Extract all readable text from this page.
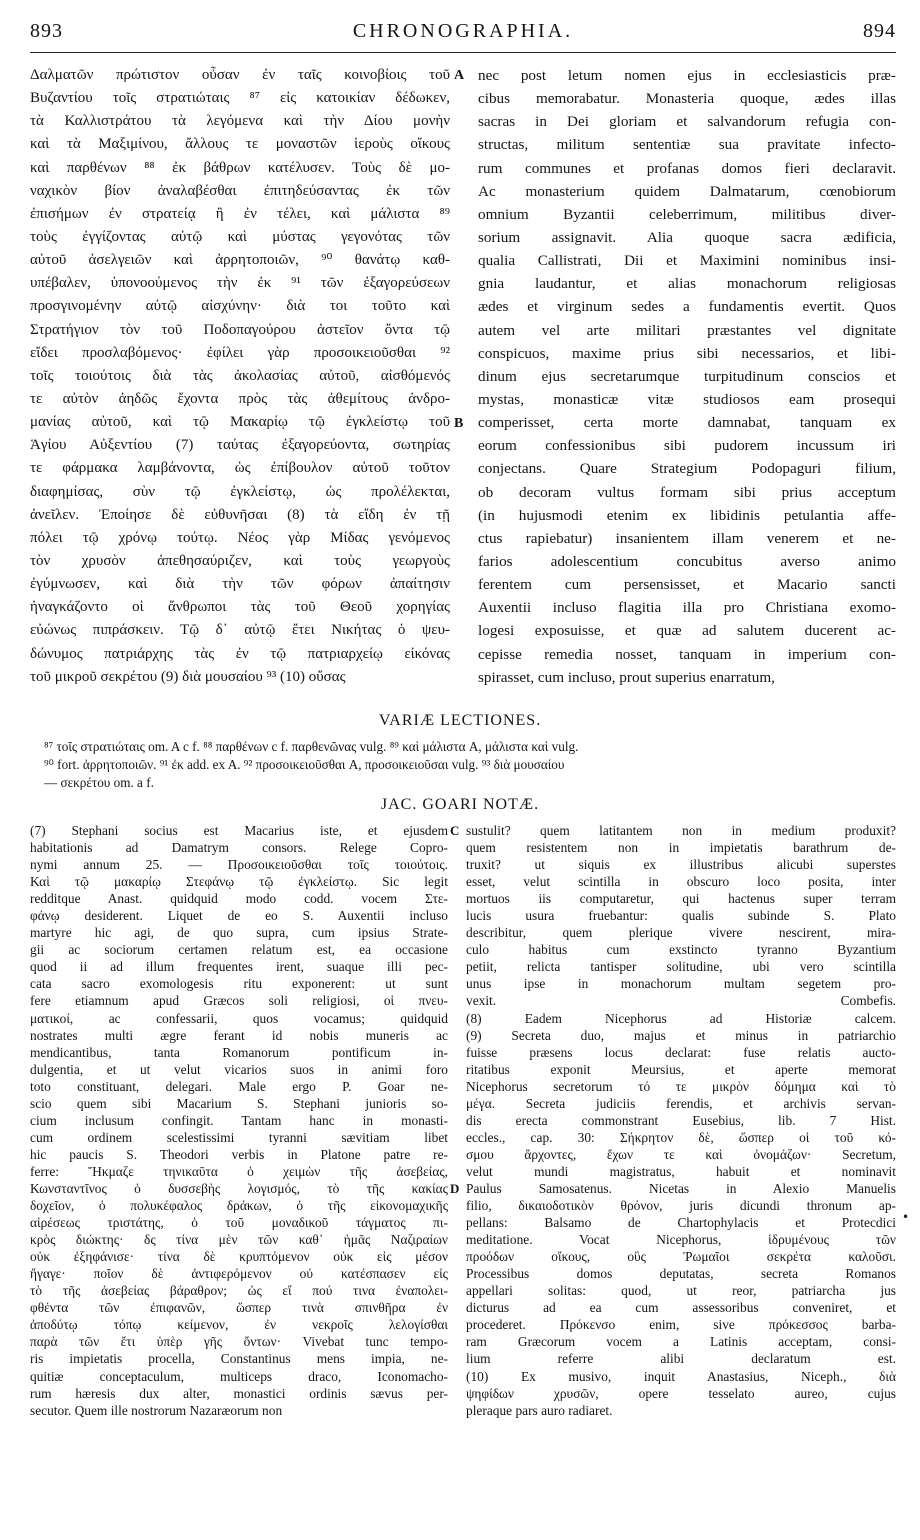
893	CHRONOGRAPHIA.	894
Δαλματῶν πρώτιστον οὖσαν ἐν ταῖς κοινοβίοις τοῦ
Βυζαντίου τοῖς στρατιώταις ⁸⁷ εἰς κατοικίαν δέδωκεν,
τὰ Καλλιστράτου τὰ λεγόμενα καὶ τὴν Δίου μονὴν
καὶ τὰ Μαξιμίνου, ἄλλους τε μοναστῶν ἱεροὺς οἴκους
καὶ παρθένων ⁸⁸ ἐκ βάθρων κατέλυσεν. Τοὺς δὲ μο-
ναχικὸν βίον ἀναλαβέσθαι ἐπιτηδεύσαντας ἐκ τῶν
ἐπισήμων ἐν στρατείᾳ ἢ ἐν τέλει, καὶ μάλιστα ⁸⁹
τοὺς ἐγγίζοντας αὐτῷ καὶ μύστας γεγονότας τῶν
αὐτοῦ ἀσελγειῶν καὶ ἀρρητοποιῶν, ⁹⁰ θανάτῳ καθ-
υπέβαλεν, ὑπονοούμενος τὴν ἐκ ⁹¹ τῶν ἐξαγορεύσεων
προσγινομένην αὐτῷ αἰσχύνην· διὰ τοι τοῦτο καὶ
Στρατήγιον τὸν τοῦ Ποδοπαγούρου ἀστεῖον ὄντα τῷ
εἴδει προσλαβόμενος· ἐφίλει γὰρ προσοικειοῦσθαι ⁹²
τοῖς τοιούτοις διὰ τὰς ἀκολασίας αὐτοῦ, αἰσθόμενός
τε αὐτὸν ἀηδῶς ἔχοντα πρὸς τὰς ἀθεμίτους ἀνδρο-
μανίας αὐτοῦ, καὶ τῷ Μακαρίῳ τῷ ἐγκλείστῳ τοῦ
Ἁγίου Αὐξεντίου (7) ταύτας ἐξαγορεύοντα, σωτηρίας
τε φάρμακα λαμβάνοντα, ὡς ἐπίβουλον αὐτοῦ τοῦτον
διαφημίσας, σὺν τῷ ἐγκλείστῳ, ὡς προλέλεκται,
ἀνεῖλεν. Ἐποίησε δὲ εὐθυνῆσαι (8) τὰ εἴδη ἐν τῇ
πόλει τῷ χρόνῳ τούτῳ. Νέος γὰρ Μίδας γενόμενος
τὸν χρυσὸν ἀπεθησαύριζεν, καὶ τοὺς γεωργοὺς
ἐγύμνωσεν, καὶ διὰ τὴν τῶν φόρων ἀπαίτησιν
ἠναγκάζοντο οἱ ἄνθρωποι τὰς τοῦ Θεοῦ χορηγίας
εὐώνως πιπράσκειν. Τῷ δ᾽ αὐτῷ ἔτει Νικήτας ὁ ψευ-
δώνυμος πατριάρχης τὰς ἐν τῷ πατριαρχείῳ εἰκόνας
τοῦ μικροῦ σεκρέτου (9) διὰ μουσαίου ⁹³ (10) οὔσας
A
B
nec post letum nomen ejus in ecclesiasticis præ-
cibus memorabatur. Monasteria quoque, ædes illas
sacras in Dei gloriam et salvandorum refugia con-
structas, militum sententiæ sua pravitate infecto-
rum communes et profanas domos fieri declaravit.
Ac monasterium quidem Dalmatarum, cœnobiorum
omnium Byzantii celeberrimum, militibus diver-
sorium assignavit. Alia quoque sacra ædificia,
qualia Callistrati, Dii et Maximini nominibus insi-
gnia laudantur, et alias monachorum religiosas
ædes et virginum sedes a fundamentis evertit. Quos
autem vel arte militari præstantes vel dignitate
conspicuos, maxime prius sibi necessarios, et libi-
dinum ejus secretarumque turpitudinum conscios et
mystas, monasticæ vitæ studiosos eam prosequi
comperisset, certa morte damnabat, tanquam ex
eorum confessionibus sibi pudorem incussum iri
conjectans. Quare Strategium Podopaguri filium,
ob decoram vultus formam sibi prius acceptum
(in hujusmodi etenim ex libidinis petulantia affe-
ctus rapiebatur) insanientem illam venerem et ne-
farios adolescentium concubitus averso animo
ferentem cum persensisset, et Macario sancti
Auxentii incluso flagitia illa pro Christiana exomo-
logesi exposuisse, et quæ ad salutem ducerent ac-
cepisse remedia nosset, tanquam in imperium con-
spirasset, cum incluso, prout superius enarratum,
VARIÆ LECTIONES.
⁸⁷ τοῖς στρατιώταις om. A c f. ⁸⁸ παρθένων c f. παρθενῶνας vulg. ⁸⁹ καὶ μάλιστα A, μάλιστα καὶ vulg.
⁹⁰ fort. ἀρρητοποιῶν. ⁹¹ ἐκ add. ex A. ⁹² προσοικειοῦσθαι A, προσοικειοῦσαι vulg. ⁹³ διὰ μουσαίου
— σεκρέτου om. a f.
JAC. GOARI NOTÆ.
(7) Stephani socius est Macarius iste, et ejusdem
habitationis ad Damatrym consors. Relege Copro-
nymi annum 25. — Προσοικειοῦσθαι τοῖς τοιούτοις.
Καὶ τῷ μακαρίῳ Στεφάνῳ τῷ ἐγκλείστῳ. Sic legit
redditque Anast. quidquid modo codd. vocem Στε-
φάνῳ desiderent. Liquet de eo S. Auxentii incluso
martyre hic agi, de quo supra, cum ipsius Strate-
gii ac sociorum certamen relatum est, ea occasione
quod ii ad illum frequentes irent, suaque illi pec-
cata sacro exomologesis ritu exponerent: ut sunt
fere etiamnum apud Græcos soli religiosi, οἱ πνευ-
ματικοί, ac confessarii, quos vocamus; quidquid
nostrates multi ægre ferant id nobis muneris ac
mendicantibus, tanta Romanorum pontificum in-
dulgentia, et ut velut vicarios suos in animi foro
toto constituant, delegari. Male ergo P. Goar ne-
scio quem sibi Macarium S. Stephani junioris so-
cium inclusum confingit. Tantam hanc in monasti-
cum ordinem scelestissimi tyranni sævitiam libet
hic paucis S. Theodori verbis in Platone patre re-
ferre: Ἤκμαζε τηνικαῦτα ὁ χειμὼν τῆς ἀσεβείας,
Κωνσταντῖνος ὁ δυσσεβὴς λογισμός, τὸ τῆς κακίας
δοχεῖον, ὁ πολυκέφαλος δράκων, ὁ τῆς εἰκονομαχικῆς
αἱρέσεως τριστάτης, ὁ τοῦ μοναδικοῦ τάγματος πι-
κρὸς διώκτης· δς τίνα μὲν τῶν καθ᾽ ἡμᾶς Ναζιραίων
οὐκ ἐξηφάνισε· τίνα δὲ κρυπτόμενον οὐκ εἰς μέσον
ἤγαγε· ποῖον δὲ ἀντιφερόμενον οὐ κατέσπασεν εἰς
τὸ τῆς ἀσεβείας βάραθρον; ὡς εἴ πού τινα ἐναπολει-
φθέντα τῶν ἐπιφανῶν, ὥσπερ τινὰ σπινθῆρα ἐν
ἀποδύτῳ τόπῳ κείμενον, ἐν νεκροῖς λελογίσθαι
παρὰ τῶν ἔτι ὑπὲρ γῆς ὄντων· Vivebat tunc tempo-
ris impietatis procella, Constantinus mens impia, ne-
quitiæ conceptaculum, multiceps draco, Iconomacho-
rum hæresis dux alter, monastici ordinis sævus per-
secutor. Quem ille nostrorum Nazaræorum non
C
D
sustulit? quem latitantem non in medium produxit?
quem resistentem non in impietatis barathrum de-
truxit? ut siquis ex illustribus alicubi superstes
esset, velut scintilla in obscuro loco posita, inter
mortuos iis computaretur, qui hactenus super terram
lucis usura fruebantur: qualis subinde S. Plato
describitur, quem plerique vivere nescirent, mira-
culo habitus cum exstincto tyranno Byzantium
petiit, relicta tantisper solitudine, ubi vero scintilla
unus ipse in monachorum multam segetem pro-
vexit. Combefis.
(8) Eadem Nicephorus ad Historiæ calcem.
(9) Secreta duo, majus et minus in patriarchio
fuisse præsens locus declarat: fuse relatis aucto-
ritatibus exponit Meursius, et aperte memorat
Nicephorus secretorum τό τε μικρὸν δόμημα καὶ τὸ
μέγα. Secreta judiciis ferendis, et archivis servan-
dis erecta commonstrant Eusebius, lib. 7 Hist.
eccles., cap. 30: Σήκρητον δὲ, ὥσπερ οἱ τοῦ κό-
σμου ἄρχοντες, ἔχων τε καὶ ὀνομάζων· Secretum,
velut mundi magistratus, habuit et nominavit
Paulus Samosatenus. Nicetas in Alexio Manuelis
filio, δικαιοδοτικὸν θρόνον, juris dicundi thronum ap-
pellans: Balsamo de Chartophylacis et Protecdici
meditatione. Vocat Nicephorus, ἱδρυμένους τῶν
προόδων οἴκους, οὓς Ῥωμαῖοι σεκρέτα καλοῦσι.
Processibus domos deputatas, secreta Romanos
appellari solitas: quod, ut reor, patriarcha jus
dicturus ad ea cum assessoribus conveniret, et
procederet. Πρόκενσο enim, sive πρόκεσσος barba-
ram Græcorum vocem a Latinis acceptam, consi-
lium referre alibi declaratum est.
(10) Ex musivo, inquit Anastasius, Niceph., διὰ
ψηφίδων χρυσῶν, opere tesselato aureo, cujus
pleraque pars auro radiaret.
•
